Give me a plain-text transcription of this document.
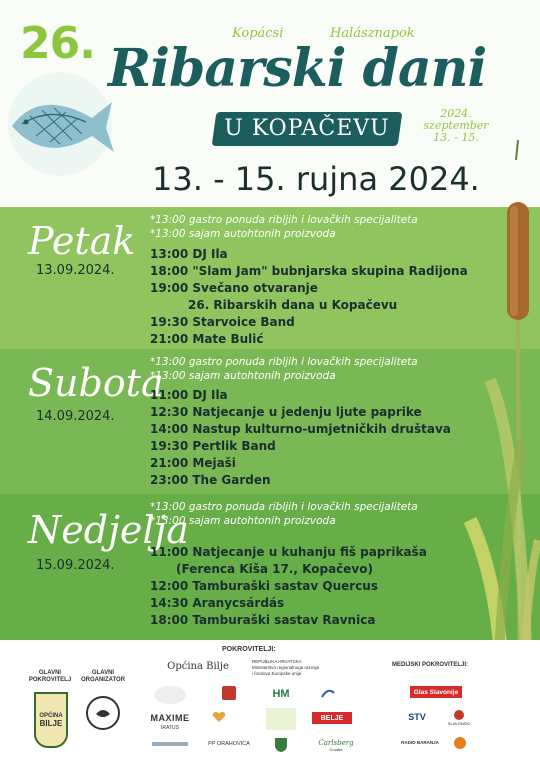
26.	Kopácsi	Halásznapok
Ribarski dani
U KOPAČEVU
2024.
szeptember
13. - 15.
13. - 15. rujna 2024.
Petak
13.09.2024.
*13:00 gastro ponuda ribljih i lovačkih specijaliteta
*13:00 sajam autohtonih proizvoda
13:00 DJ Ila
18:00 "Slam Jam" bubnjarska skupina Radijona
19:00 Svečano otvaranje
26. Ribarskih dana u Kopačevu
19:30 Starvoice Band
21:00 Mate Bulić
Subota
14.09.2024.
*13:00 gastro ponuda ribljih i lovačkih specijaliteta
*13:00 sajam autohtonih proizvoda
11:00 DJ Ila
12:30 Natjecanje u jedenju ljute paprike
14:00 Nastup kulturno-umjetničkih društava
19:30 Pertlik Band
21:00 Mejaši
23:00 The Garden
Nedjelja
15.09.2024.
*13:00 gastro ponuda ribljih i lovačkih specijaliteta
*13:00 sajam autohtonih proizvoda
11:00 Natjecanje u kuhanju fiš paprikaša
(Ferenca Kiša 17., Kopačevo)
12:00 Tamburaški sastav Quercus
14:30 Aranycsárdás
18:00 Tamburaški sastav Ravnica
POKROVITELJI:
GLAVNI
POKROVITELJ
GLAVNI
ORGANIZATOR
OPĆINA
BILJE
Općina Bilje	REPUBLIKA HRVATSKA
Ministarstvo regionalnoga razvoja
i fondova Europske unije
MEDIJSKI POKROVITELJI:
HM	Glas Slavonije
MAXIME
IRATUS
BELJE	STV
SLAVONSKI
PP ORAHOVICA	Carlsberg
Croatia
RADIO BARANJA
